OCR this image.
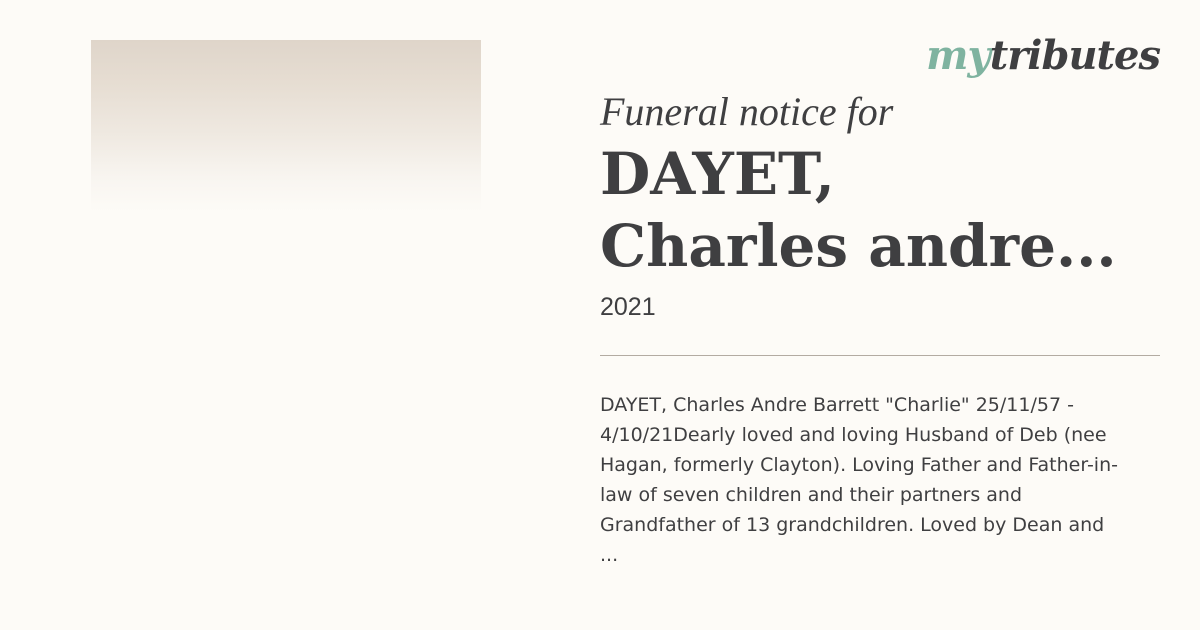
mytributes
Funeral notice for
DAYET,
Charles andre...
2021
DAYET, Charles Andre Barrett "Charlie" 25/11/57 -
4/10/21Dearly loved and loving Husband of Deb (nee
Hagan, formerly Clayton). Loving Father and Father-in-
law of seven children and their partners and
Grandfather of 13 grandchildren. Loved by Dean and
...
